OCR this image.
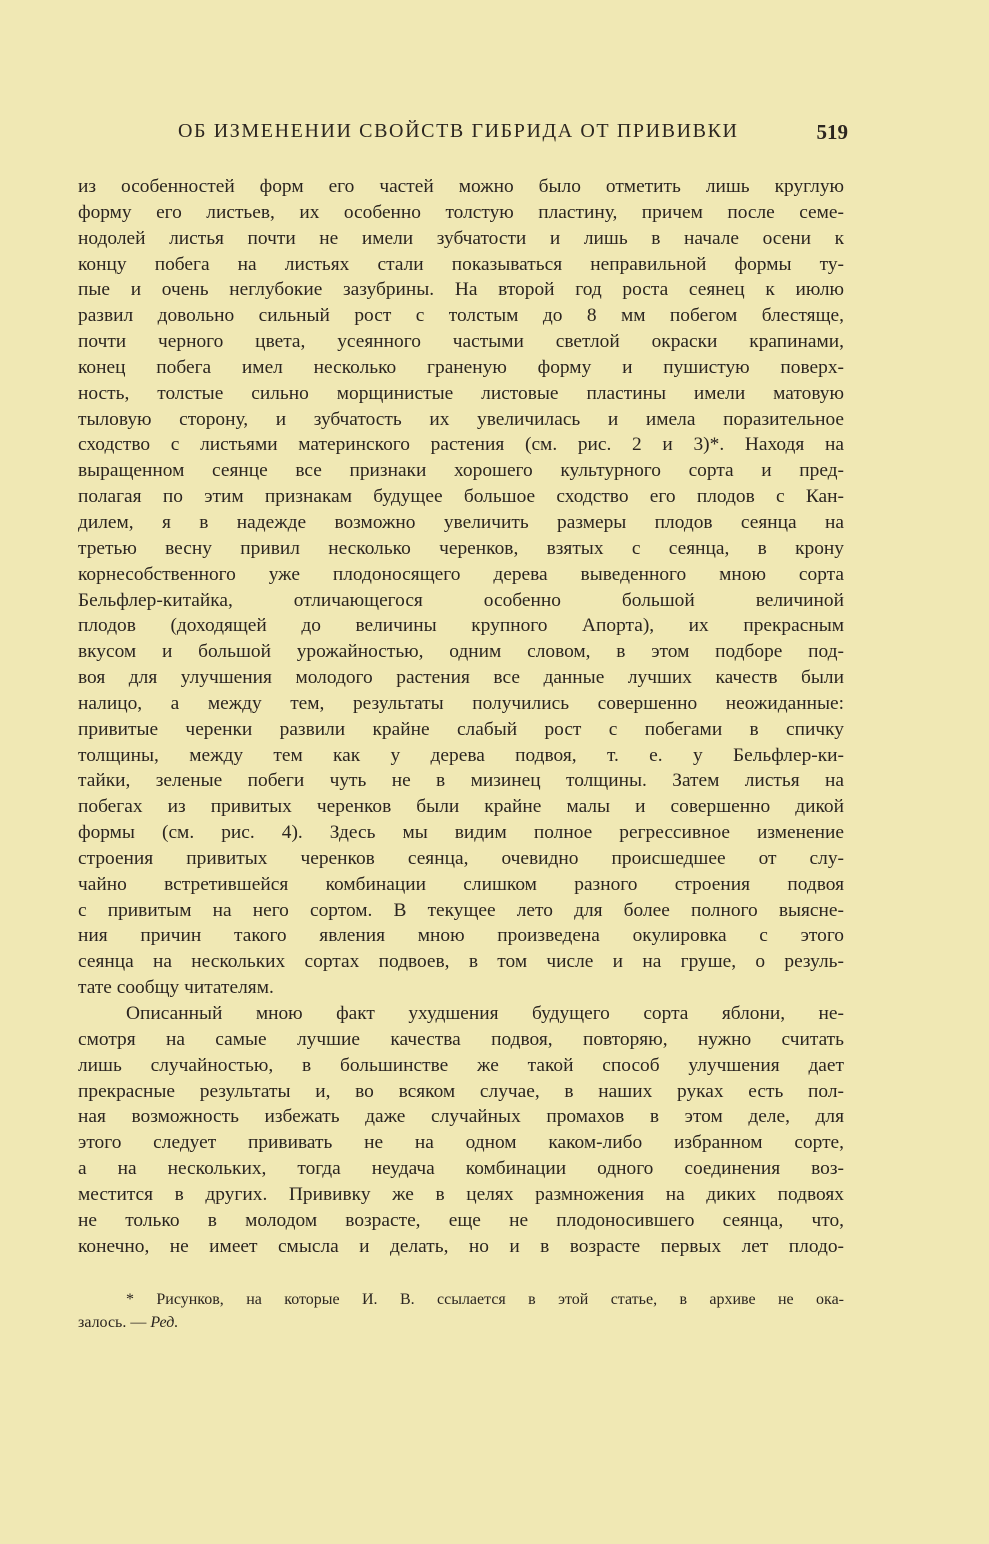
ОБ ИЗМЕНЕНИИ СВОЙСТВ ГИБРИДА ОТ ПРИВИВКИ	519
из особенностей форм его частей можно было отметить лишь круглую
форму его листьев, их особенно толстую пластину, причем после семе-
нодолей листья почти не имели зубчатости и лишь в начале осени к
концу побега на листьях стали показываться неправильной формы ту-
пые и очень неглубокие зазубрины. На второй год роста сеянец к июлю
развил довольно сильный рост с толстым до 8 мм побегом блестяще,
почти черного цвета, усеянного частыми светлой окраски крапинами,
конец побега имел несколько граненую форму и пушистую поверх-
ность, толстые сильно морщинистые листовые пластины имели матовую
тыловую сторону, и зубчатость их увеличилась и имела поразительное
сходство с листьями материнского растения (см. рис. 2 и 3)*. Находя на
выращенном сеянце все признаки хорошего культурного сорта и пред-
полагая по этим признакам будущее большое сходство его плодов с Кан-
дилем, я в надежде возможно увеличить размеры плодов сеянца на
третью весну привил несколько черенков, взятых с сеянца, в крону
корнесобственного уже плодоносящего дерева выведенного мною сорта
Бельфлер-китайка, отличающегося особенно большой величиной
плодов (доходящей до величины крупного Апорта), их прекрасным
вкусом и большой урожайностью, одним словом, в этом подборе под-
воя для улучшения молодого растения все данные лучших качеств были
налицо, а между тем, результаты получились совершенно неожиданные:
привитые черенки развили крайне слабый рост с побегами в спичку
толщины, между тем как у дерева подвоя, т. е. у Бельфлер-ки-
тайки, зеленые побеги чуть не в мизинец толщины. Затем листья на
побегах из привитых черенков были крайне малы и совершенно дикой
формы (см. рис. 4). Здесь мы видим полное регрессивное изменение
строения привитых черенков сеянца, очевидно происшедшее от слу-
чайно встретившейся комбинации слишком разного строения подвоя
с привитым на него сортом. В текущее лето для более полного выясне-
ния причин такого явления мною произведена окулировка с этого
сеянца на нескольких сортах подвоев, в том числе и на груше, о резуль-
тате сообщу читателям.
Описанный мною факт ухудшения будущего сорта яблони, не-
смотря на самые лучшие качества подвоя, повторяю, нужно считать
лишь случайностью, в большинстве же такой способ улучшения дает
прекрасные результаты и, во всяком случае, в наших руках есть пол-
ная возможность избежать даже случайных промахов в этом деле, для
этого следует прививать не на одном каком-либо избранном сорте,
а на нескольких, тогда неудача комбинации одного соединения воз-
местится в других. Прививку же в целях размножения на диких подвоях
не только в молодом возрасте, еще не плодоносившего сеянца, что,
конечно, не имеет смысла и делать, но и в возрасте первых лет плодо-
* Рисунков, на которые И. В. ссылается в этой статье, в архиве не ока-
залось. — Ред.
